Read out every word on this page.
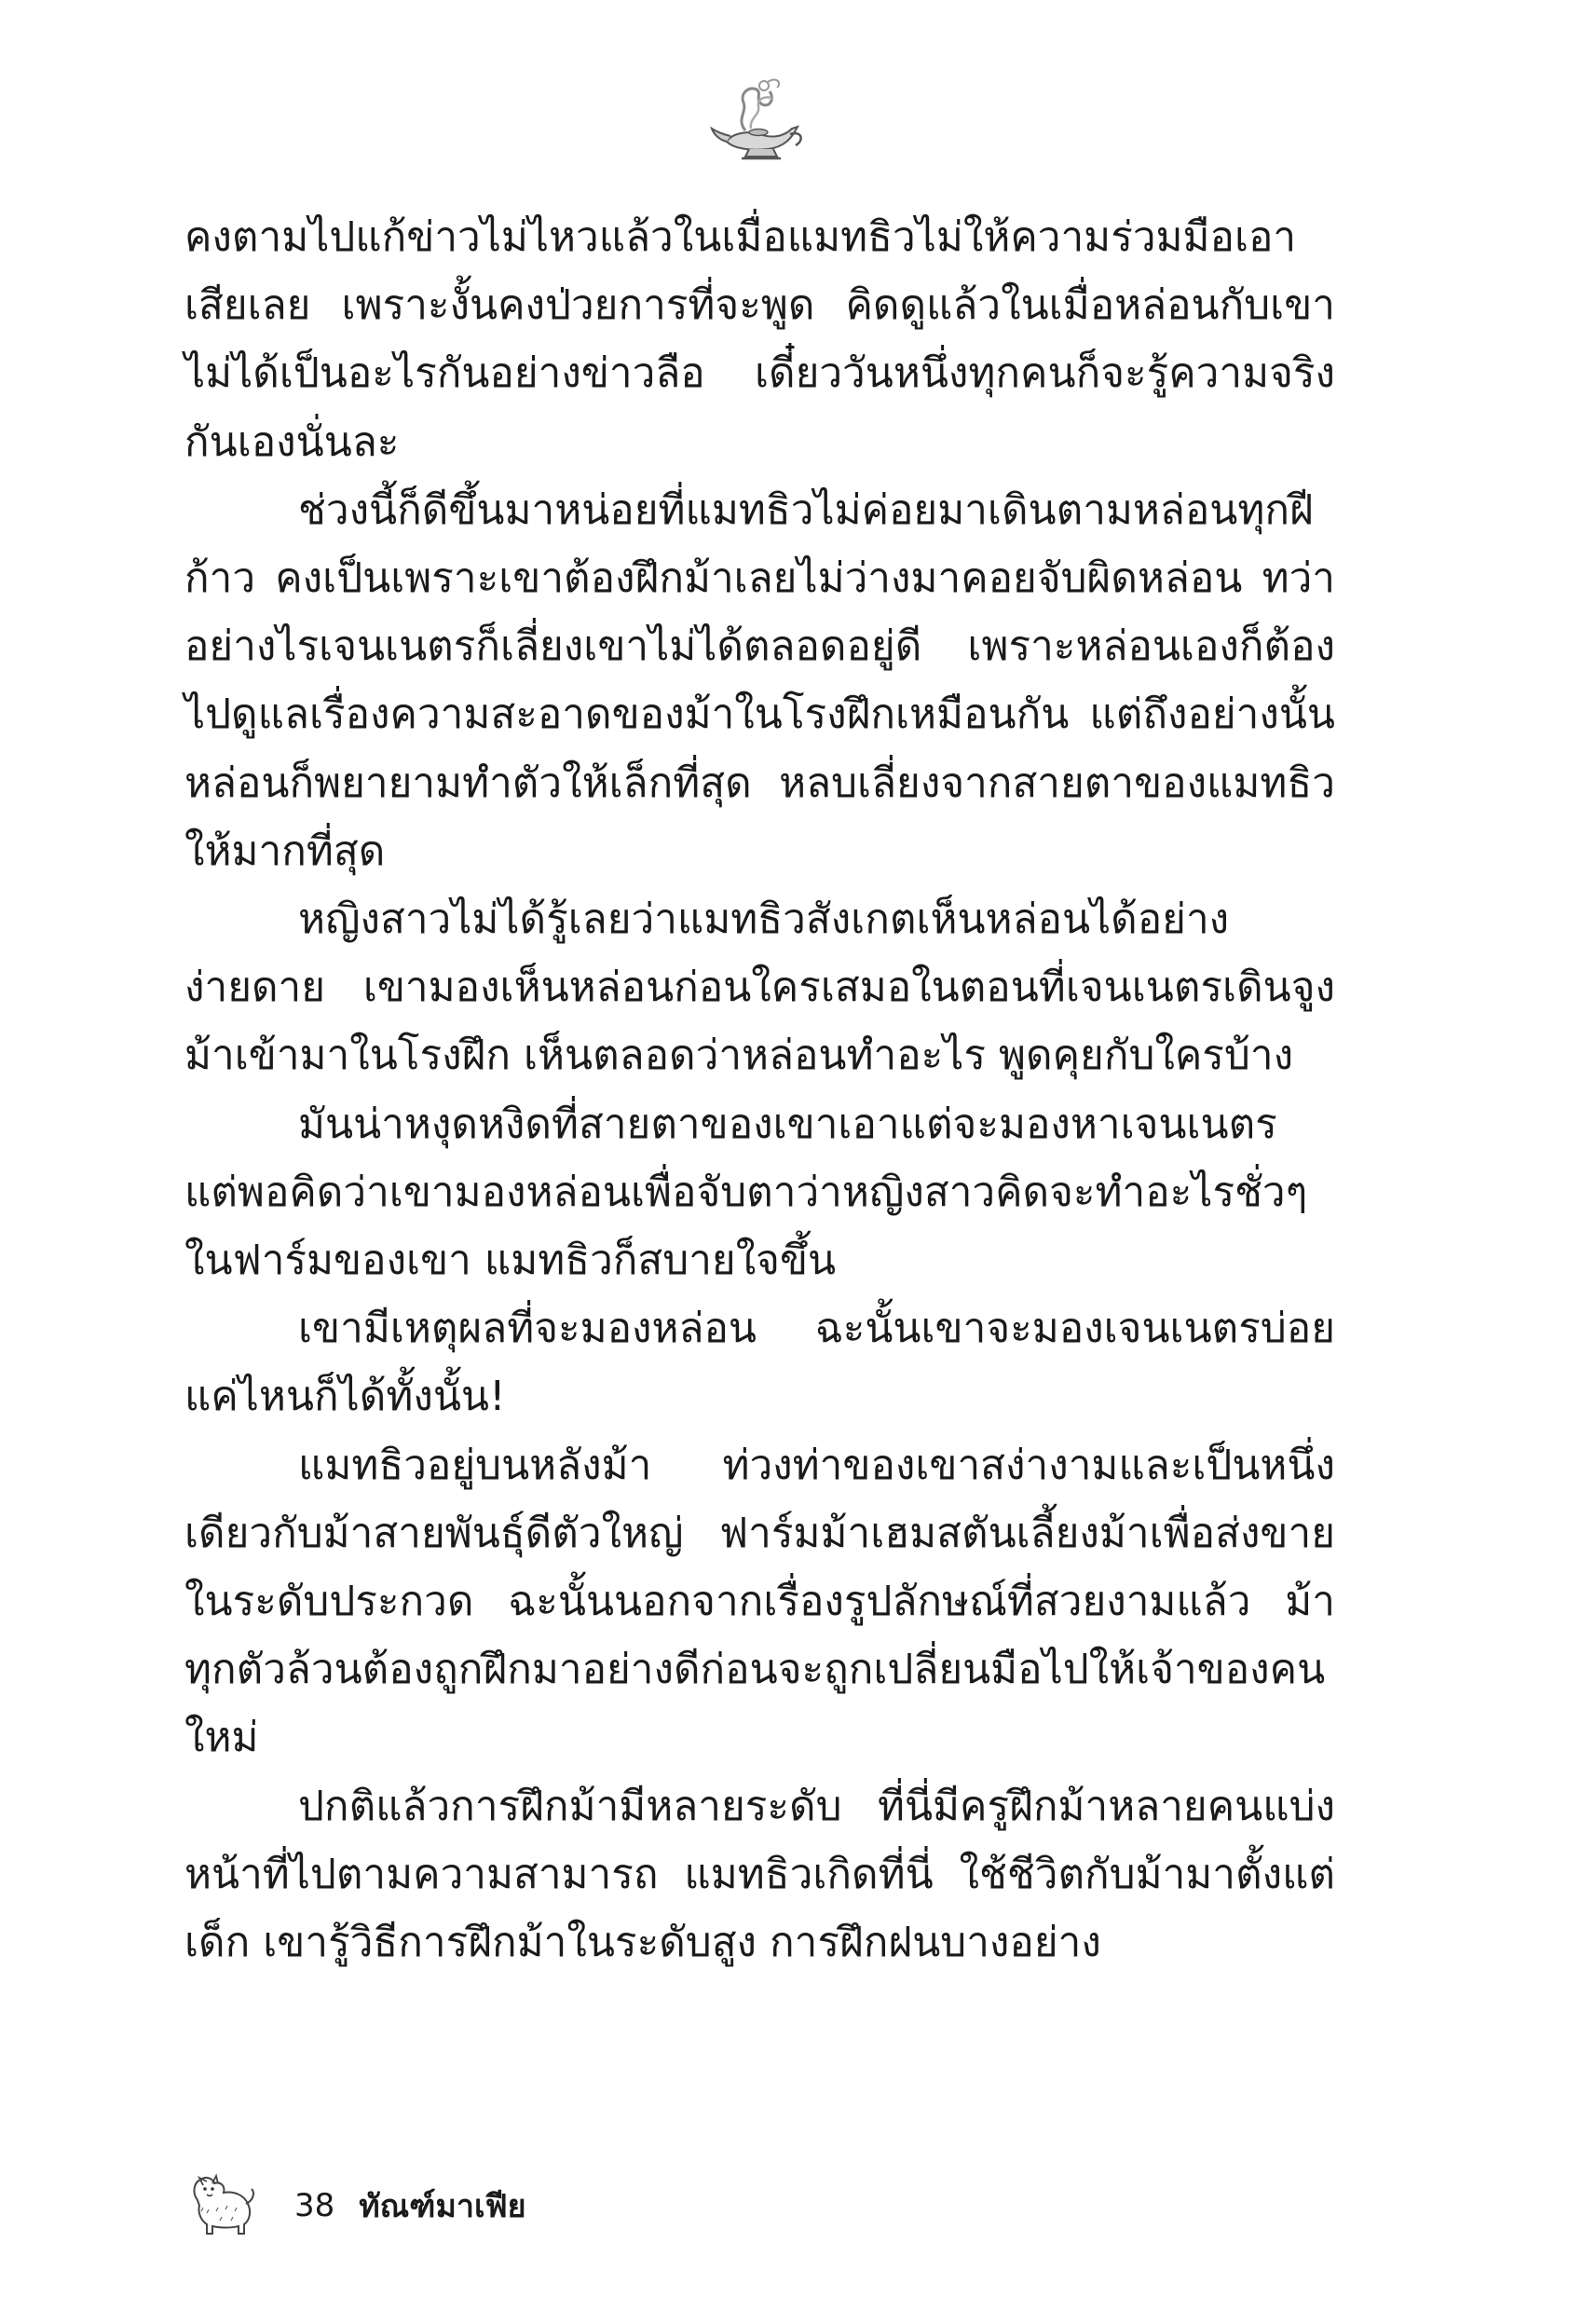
คงตามไปแก้ข่าวไม่ไหวแล้วในเมื่อแมทธิวไม่ให้ความร่วมมือเอาเสียเลย เพราะงั้นคงป่วยการที่จะพูด คิดดูแล้วในเมื่อหล่อนกับเขาไม่ได้เป็นอะไรกันอย่างข่าวลือ เดี๋ยววันหนึ่งทุกคนก็จะรู้ความจริงกันเองนั่นละ

ช่วงนี้ก็ดีขึ้นมาหน่อยที่แมทธิวไม่ค่อยมาเดินตามหล่อนทุกฝีก้าว คงเป็นเพราะเขาต้องฝึกม้าเลยไม่ว่างมาคอยจับผิดหล่อน ทว่าอย่างไรเจนเนตรก็เลี่ยงเขาไม่ได้ตลอดอยู่ดี เพราะหล่อนเองก็ต้องไปดูแลเรื่องความสะอาดของม้าในโรงฝึกเหมือนกัน แต่ถึงอย่างนั้นหล่อนก็พยายามทำตัวให้เล็กที่สุด หลบเลี่ยงจากสายตาของแมทธิวให้มากที่สุด

หญิงสาวไม่ได้รู้เลยว่าแมทธิวสังเกตเห็นหล่อนได้อย่างง่ายดาย เขามองเห็นหล่อนก่อนใครเสมอในตอนที่เจนเนตรเดินจูงม้าเข้ามาในโรงฝึก เห็นตลอดว่าหล่อนทำอะไร พูดคุยกับใครบ้าง

มันน่าหงุดหงิดที่สายตาของเขาเอาแต่จะมองหาเจนเนตร แต่พอคิดว่าเขามองหล่อนเพื่อจับตาว่าหญิงสาวคิดจะทำอะไรชั่วๆ ในฟาร์มของเขา แมทธิวก็สบายใจขึ้น

เขามีเหตุผลที่จะมองหล่อน ฉะนั้นเขาจะมองเจนเนตรบ่อยแค่ไหนก็ได้ทั้งนั้น!

แมทธิวอยู่บนหลังม้า ท่วงท่าของเขาสง่างามและเป็นหนึ่งเดียวกับม้าสายพันธุ์ดีตัวใหญ่ ฟาร์มม้าเฮมสตันเลี้ยงม้าเพื่อส่งขายในระดับประกวด ฉะนั้นนอกจากเรื่องรูปลักษณ์ที่สวยงามแล้ว ม้าทุกตัวล้วนต้องถูกฝึกมาอย่างดีก่อนจะถูกเปลี่ยนมือไปให้เจ้าของคนใหม่

ปกติแล้วการฝึกม้ามีหลายระดับ ที่นี่มีครูฝึกม้าหลายคนแบ่งหน้าที่ไปตามความสามารถ แมทธิวเกิดที่นี่ ใช้ชีวิตกับม้ามาตั้งแต่เด็ก เขารู้วิธีการฝึกม้าในระดับสูง การฝึกฝนบางอย่าง

38 ทัณฑ์มาเฟีย
